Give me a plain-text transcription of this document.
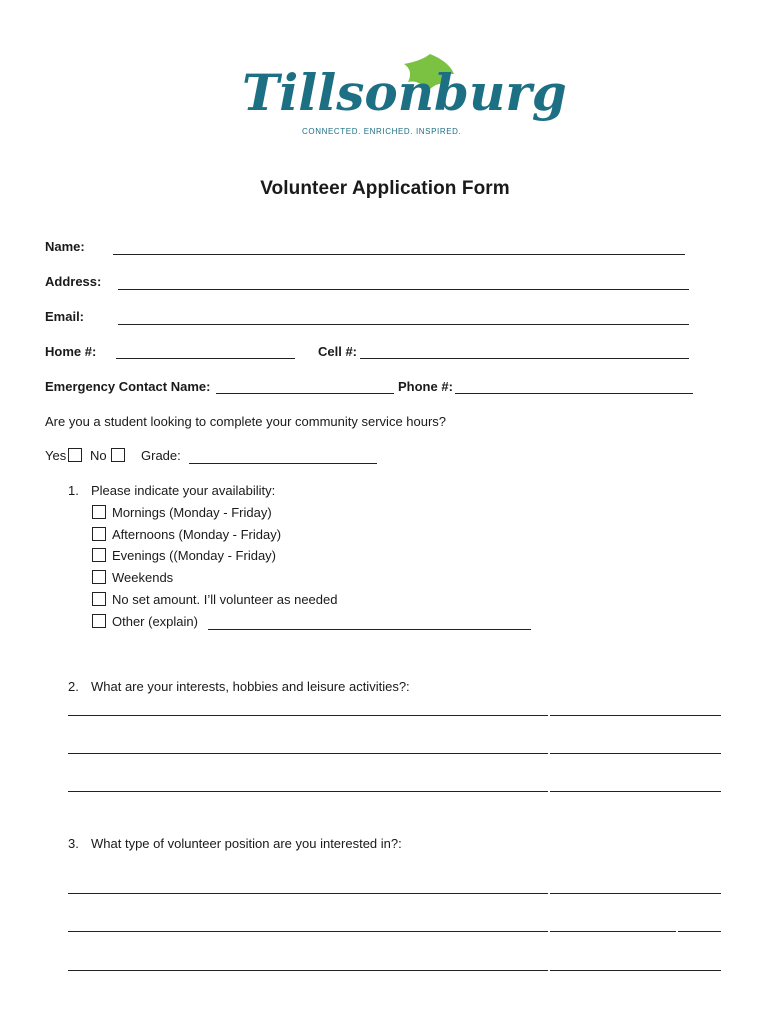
Tillsonburg
CONNECTED. ENRICHED. INSPIRED.
Volunteer Application Form
Name:
Address:
Email:
Home #:	Cell #:
Emergency Contact Name:	Phone #:
Are you a student looking to complete your community service hours?
Yes No	Grade:
1. Please indicate your availability:
Mornings (Monday - Friday)
Afternoons (Monday - Friday)
Evenings ((Monday - Friday)
Weekends
No set amount. I’ll volunteer as needed
Other (explain)
2. What are your interests, hobbies and leisure activities?:
3. What type of volunteer position are you interested in?:
